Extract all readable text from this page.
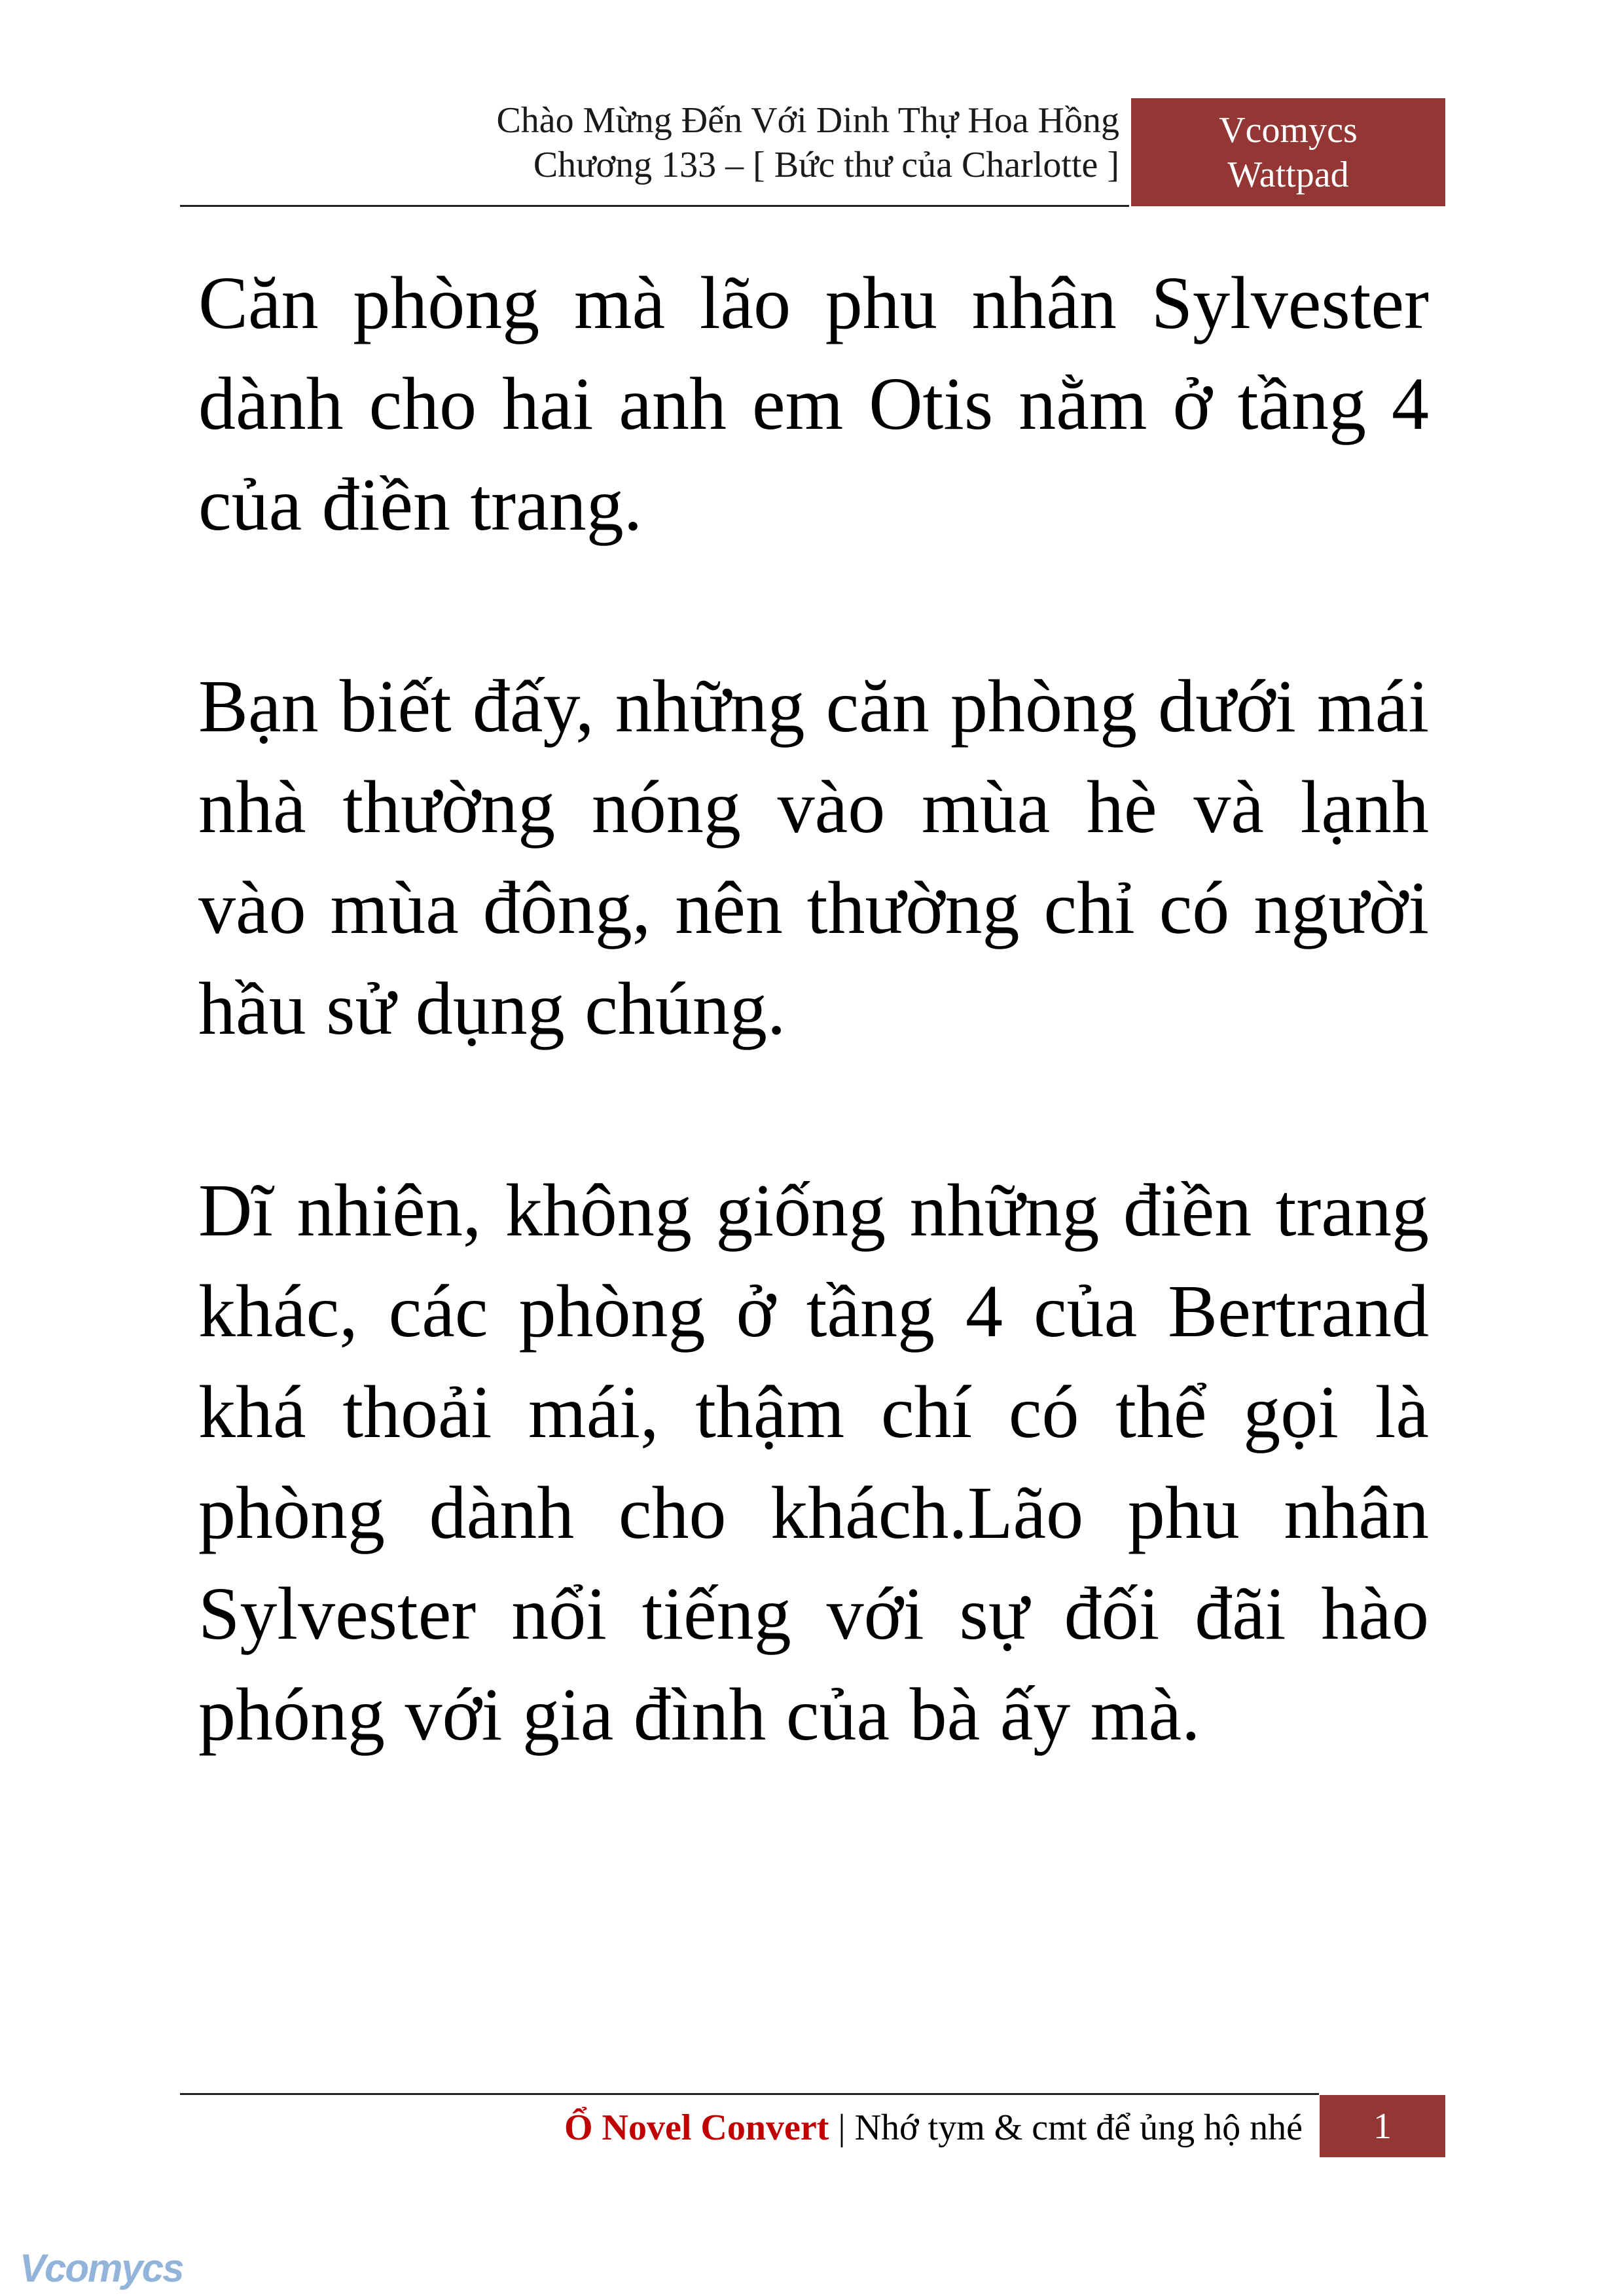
Chào Mừng Đến Với Dinh Thự Hoa Hồng
Chương 133 – [ Bức thư của Charlotte ]
Vcomycs
Wattpad

Căn phòng mà lão phu nhân Sylvester dành cho hai anh em Otis nằm ở tầng 4 của điền trang.

Bạn biết đấy, những căn phòng dưới mái nhà thường nóng vào mùa hè và lạnh vào mùa đông, nên thường chỉ có người hầu sử dụng chúng.

Dĩ nhiên, không giống những điền trang khác, các phòng ở tầng 4 của Bertrand khá thoải mái, thậm chí có thể gọi là phòng dành cho khách.Lão phu nhân Sylvester nổi tiếng với sự đối đãi hào phóng với gia đình của bà ấy mà.

Ổ Novel Convert | Nhớ tym & cmt để ủng hộ nhé	1
Vcomycs
